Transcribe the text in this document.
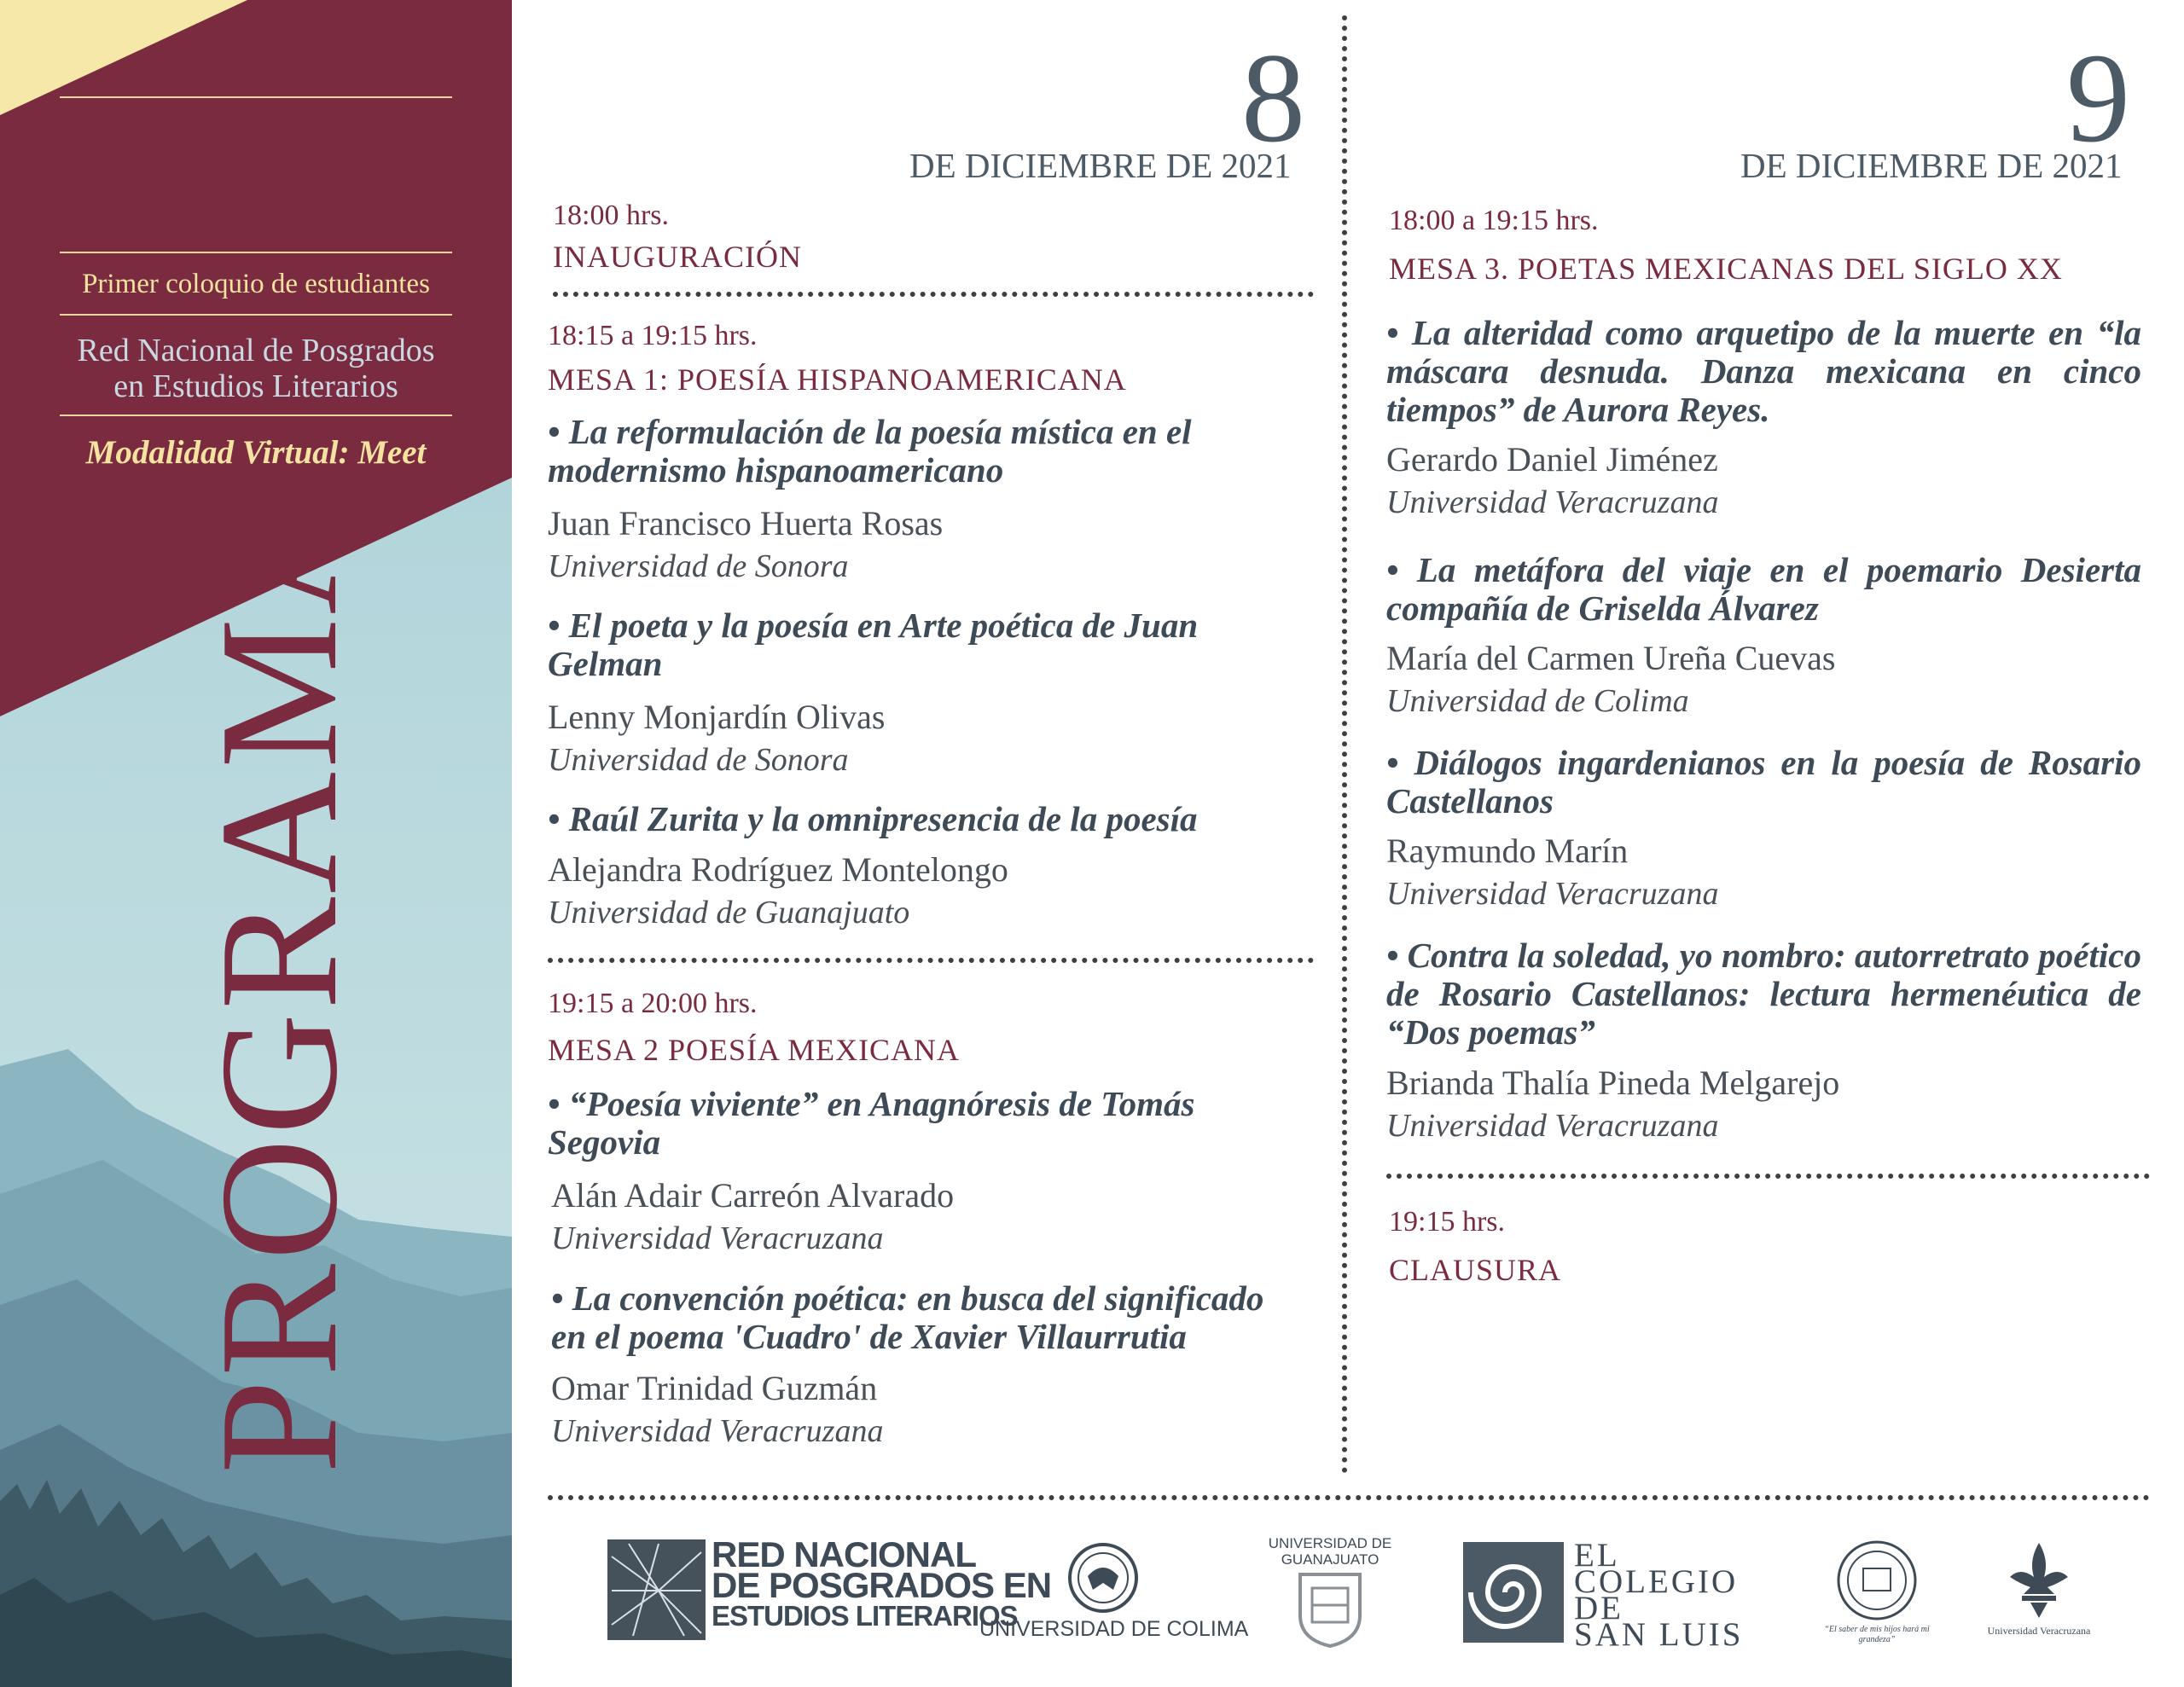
Primer coloquio de estudiantes
Red Nacional de Posgrados
en Estudios Literarios
Modalidad Virtual: Meet
PROGRAMA
8
DE DICIEMBRE DE 2021
18:00 hrs.
INAUGURACIÓN
18:15 a 19:15 hrs.
MESA 1: POESÍA HISPANOAMERICANA
• La reformulación de la poesía mística en el modernismo hispanoamericano
Juan Francisco Huerta Rosas
Universidad de Sonora
• El poeta y la poesía en Arte poética de Juan Gelman
Lenny Monjardín Olivas
Universidad de Sonora
• Raúl Zurita y la omnipresencia de la poesía
Alejandra Rodríguez Montelongo
Universidad de Guanajuato
19:15 a 20:00 hrs.
MESA 2 POESÍA MEXICANA
• “Poesía viviente” en Anagnóresis de Tomás Segovia
Alán Adair Carreón Alvarado
Universidad Veracruzana
• La convención poética: en busca del significado en el poema 'Cuadro' de Xavier Villaurrutia
Omar Trinidad Guzmán
Universidad Veracruzana
9
DE DICIEMBRE DE 2021
18:00 a 19:15 hrs.
MESA 3. POETAS MEXICANAS DEL SIGLO XX
• La alteridad como arquetipo de la muerte en “la máscara desnuda. Danza mexicana en cinco tiempos” de Aurora Reyes.
Gerardo Daniel Jiménez
Universidad Veracruzana
• La metáfora del viaje en el poemario Desierta compañía de Griselda Álvarez
María del Carmen Ureña Cuevas
Universidad de Colima
• Diálogos ingardenianos en la poesía de Rosario Castellanos
Raymundo Marín
Universidad Veracruzana
• Contra la soledad, yo nombro: autorretrato poético de Rosario Castellanos: lectura hermenéutica de “Dos poemas”
Brianda Thalía Pineda Melgarejo
Universidad Veracruzana
19:15 hrs.
CLAUSURA
RED NACIONAL
DE POSGRADOS EN
ESTUDIOS LITERARIOS
UNIVERSIDAD DE COLIMA
UNIVERSIDAD DE
GUANAJUATO	EL
COLEGIO
DE
SAN LUIS	“El saber de mis hijos hará mi grandeza”
Universidad Veracruzana
